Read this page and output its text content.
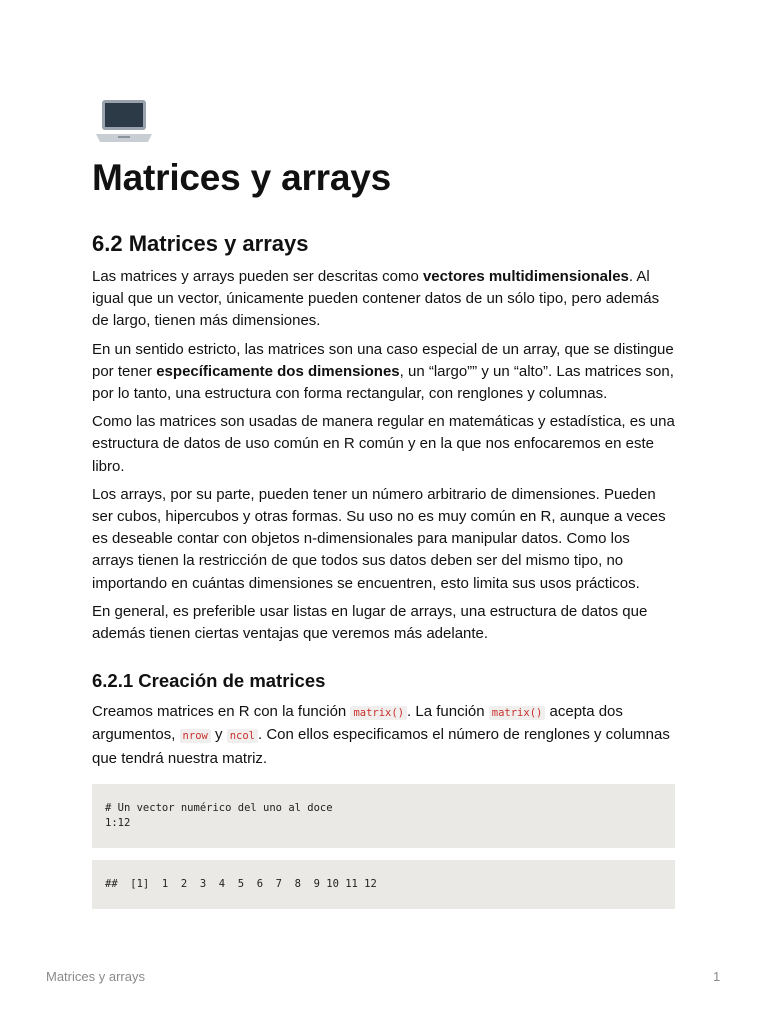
Matrices y arrays
6.2 Matrices y arrays

Las matrices y arrays pueden ser descritas como vectores multidimensionales. Al igual que un vector, únicamente pueden contener datos de un sólo tipo, pero además de largo, tienen más dimensiones.

En un sentido estricto, las matrices son una caso especial de un array, que se distingue por tener específicamente dos dimensiones, un “largo”” y un “alto”. Las matrices son, por lo tanto, una estructura con forma rectangular, con renglones y columnas.

Como las matrices son usadas de manera regular en matemáticas y estadística, es una estructura de datos de uso común en R común y en la que nos enfocaremos en este libro.

Los arrays, por su parte, pueden tener un número arbitrario de dimensiones. Pueden ser cubos, hipercubos y otras formas. Su uso no es muy común en R, aunque a veces es deseable contar con objetos n-dimensionales para manipular datos. Como los arrays tienen la restricción de que todos sus datos deben ser del mismo tipo, no importando en cuántas dimensiones se encuentren, esto limita sus usos prácticos.

En general, es preferible usar listas en lugar de arrays, una estructura de datos que además tienen ciertas ventajas que veremos más adelante.

6.2.1 Creación de matrices

Creamos matrices en R con la función matrix() . La función matrix() acepta dos argumentos, nrow y ncol . Con ellos especificamos el número de renglones y columnas que tendrá nuestra matriz.

# Un vector numérico del uno al doce
1:12
##  [1]  1  2  3  4  5  6  7  8  9 10 11 12
Matrices y arrays	1
